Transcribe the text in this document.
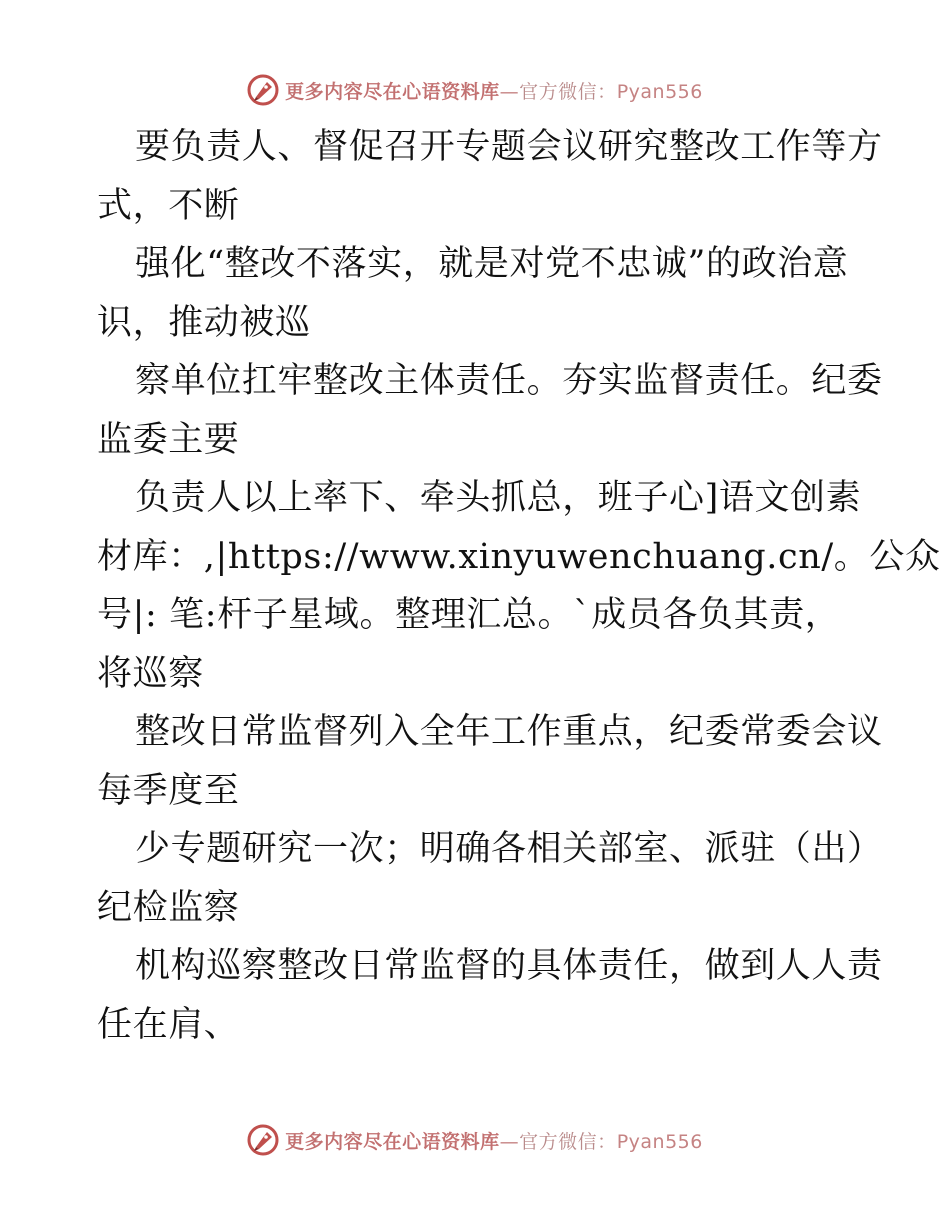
更多内容尽在心语资料库—官方微信：Pyan556
要负责人、督促召开专题会议研究整改工作等方
式，不断
强化“整改不落实，就是对党不忠诚”的政治意
识，推动被巡
察单位扛牢整改主体责任。夯实监督责任。纪委
监委主要
负责人以上率下、牵头抓总，班子心]语文创素
材库：,|https://www.xinyuwenchuang.cn/。公众
号|: 笔:杆子星域。整理汇总。`成员各负其责，
将巡察
整改日常监督列入全年工作重点，纪委常委会议
每季度至
少专题研究一次；明确各相关部室、派驻（出）
纪检监察
机构巡察整改日常监督的具体责任，做到人人责
任在肩、
更多内容尽在心语资料库—官方微信：Pyan556
